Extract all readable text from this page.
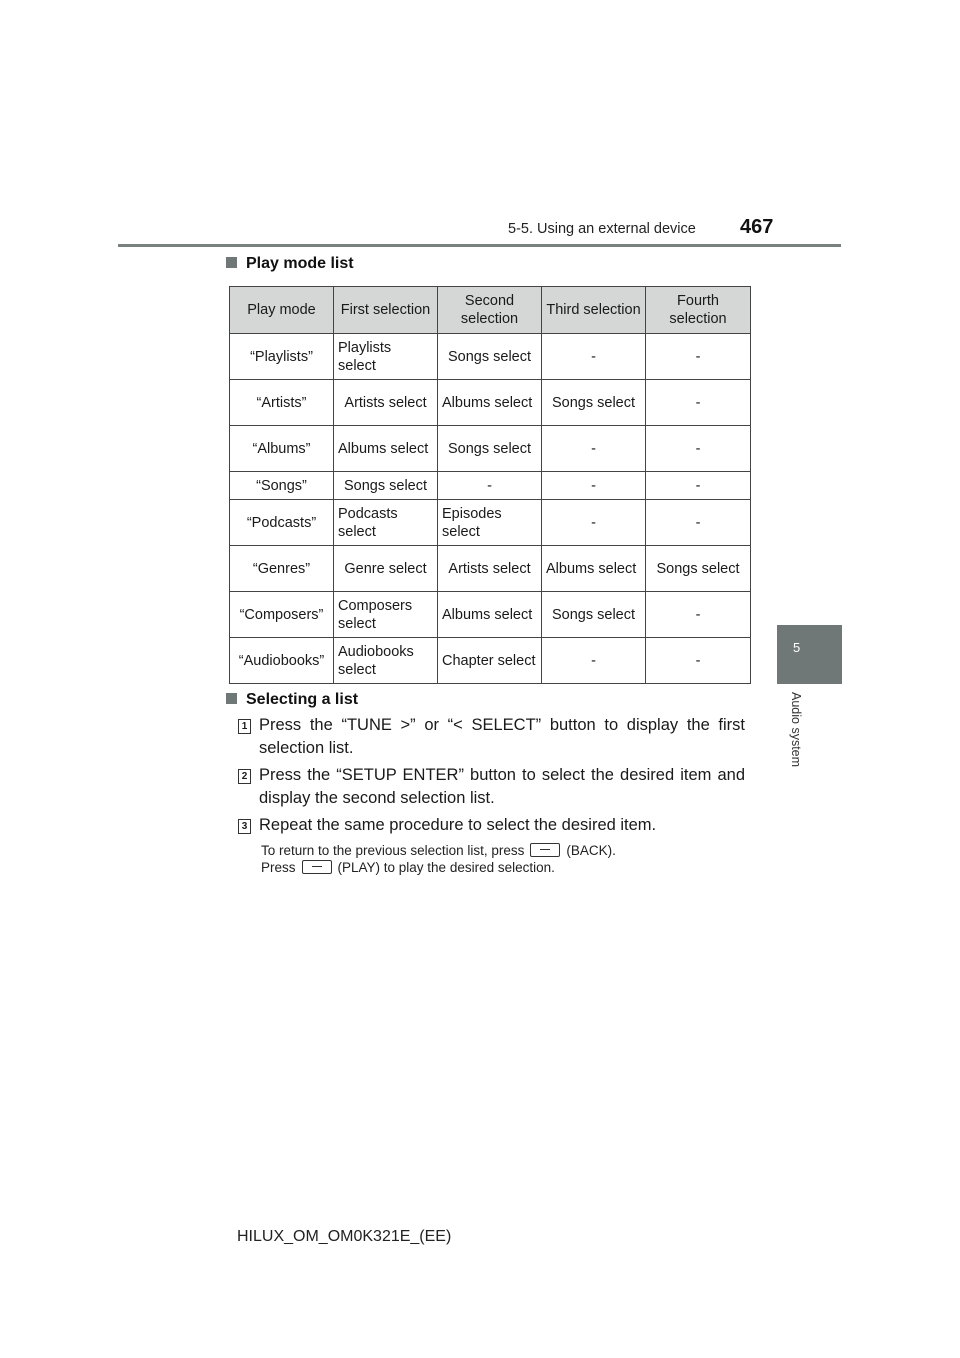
5-5. Using an external device 467
5
Audio system
Play mode list
Play mode	First selection	Second selection	Third selection	Fourth selection
“Playlists”	Playlists select	Songs select	-	-
“Artists”	Artists select	Albums select	Songs select	-
“Albums”	Albums select	Songs select	-	-
“Songs”	Songs select	-	-	-
“Podcasts”	Podcasts select	Episodes select	-	-
“Genres”	Genre select	Artists select	Albums select	Songs select
“Composers”	Composers select	Albums select	Songs select	-
“Audiobooks”	Audiobooks select	Chapter select	-	-
Selecting a list
1 Press the “TUNE >” or “< SELECT” button to display the first selection list.
2 Press the “SETUP ENTER” button to select the desired item and display the second selection list.
3 Repeat the same procedure to select the desired item.
To return to the previous selection list, press	(BACK).
Press	(PLAY) to play the desired selection.
HILUX_OM_OM0K321E_(EE)
